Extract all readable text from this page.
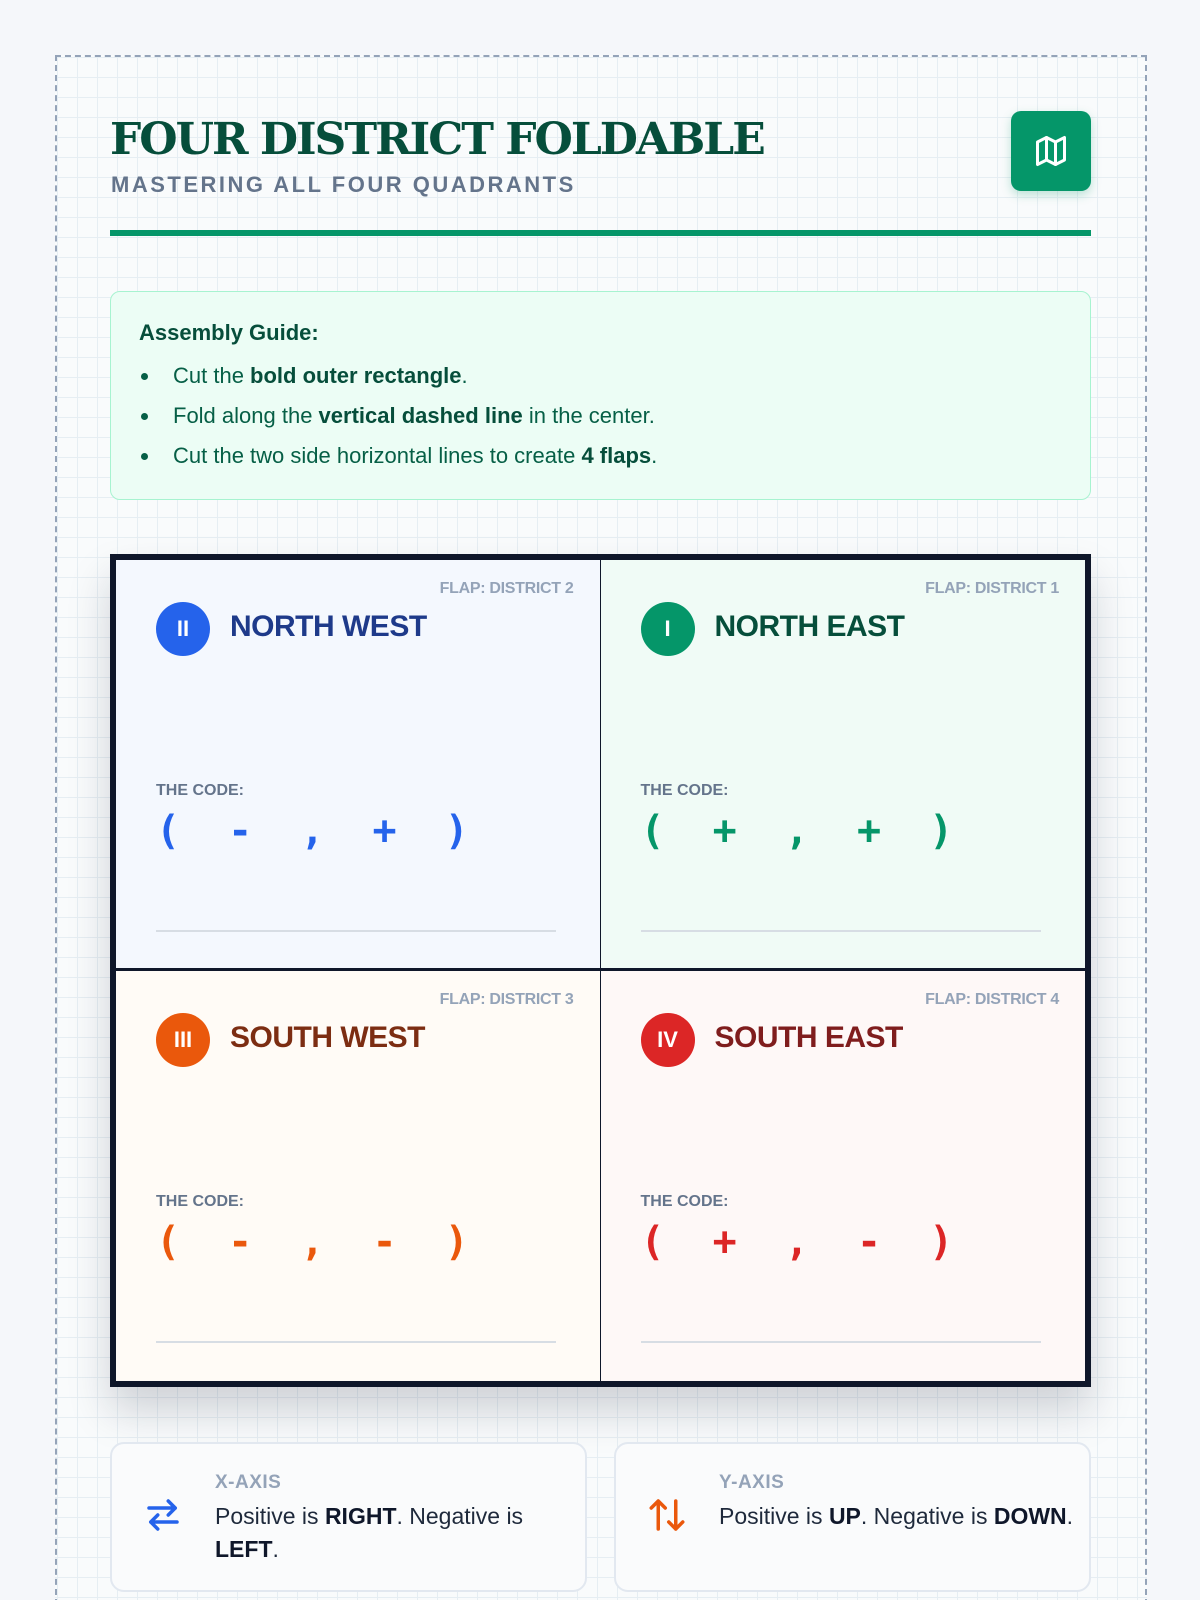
FOUR DISTRICT FOLDABLE
MASTERING ALL FOUR QUADRANTS
Assembly Guide:
Cut the bold outer rectangle.
Fold along the vertical dashed line in the center.
Cut the two side horizontal lines to create 4 flaps.
FLAP: DISTRICT 2
II	NORTH WEST
THE CODE:
( - , + )
FLAP: DISTRICT 1
I	NORTH EAST
THE CODE:
( + , + )
FLAP: DISTRICT 3
III	SOUTH WEST
THE CODE:
( - , - )
FLAP: DISTRICT 4
IV	SOUTH EAST
THE CODE:
( + , - )
X-AXIS
Positive is RIGHT. Negative is LEFT.
Y-AXIS
Positive is UP. Negative is DOWN.
